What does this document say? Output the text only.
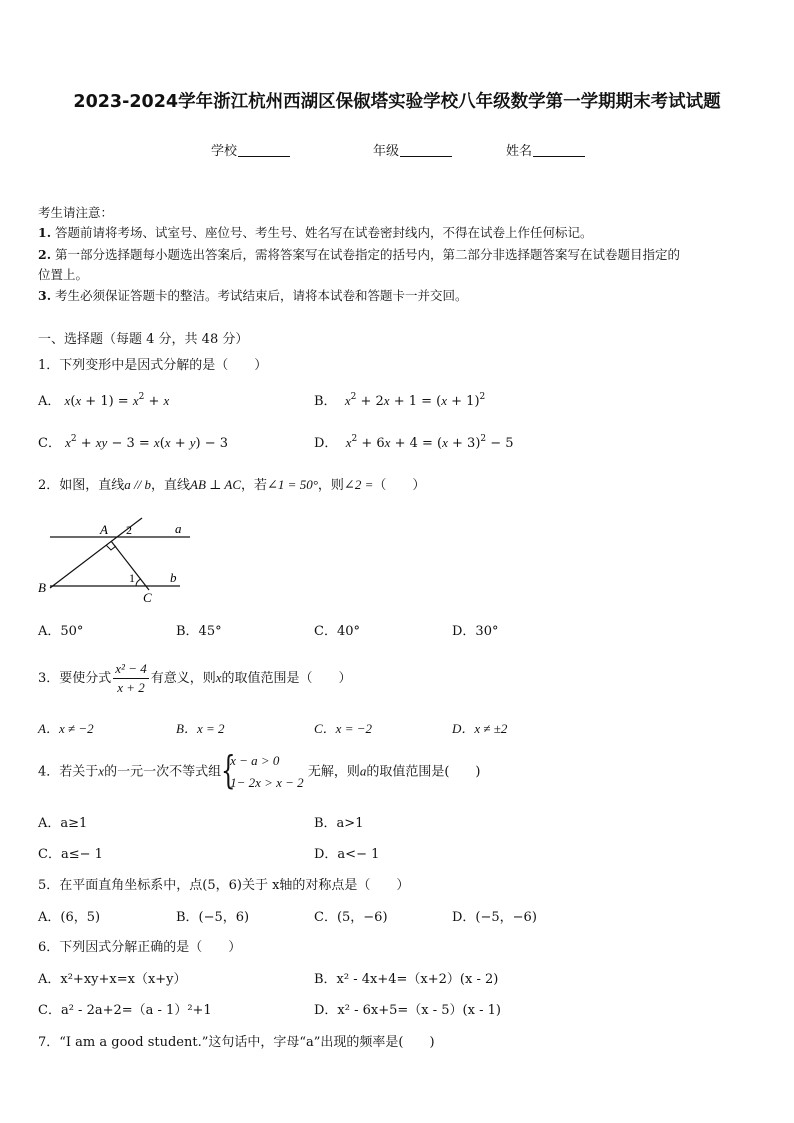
2023-2024学年浙江杭州西湖区保俶塔实验学校八年级数学第一学期期末考试试题
学校	年级	姓名
考生请注意：
1. 答题前请将考场、试室号、座位号、考生号、姓名写在试卷密封线内，不得在试卷上作任何标记。
2. 第一部分选择题每小题选出答案后，需将答案写在试卷指定的括号内，第二部分非选择题答案写在试卷题目指定的
位置上。
3. 考生必须保证答题卡的整洁。考试结束后，请将本试卷和答题卡一并交回。
一、选择题（每题 4 分，共 48 分）
1．下列变形中是因式分解的是（　　）
A． $x(x + 1) = x^2 + x$	B． $x^2 + 2x + 1 = (x + 1)^2$
C． $x^2$ + xy − 3 = x(x + y) − 3	D． $x^2 + 6x + 4 = (x + 3)^2 - 5$
2．如图，直线a // b，直线AB ⊥ AC，若∠1 = 50°，则∠2 =（　　）
A 2	a
B
1	b
C
A．50°	B．45°	C．40°	D．30°
3．要使分式 $\frac{\text{x² − 4}}{x + 2}$ 有意义，则x的取值范围是（　　）
A．x ≠ −2	B．x = 2	C．x = −2	D．x ≠ ±2
4．若关于x的一元一次不等式组 {
x − a > 0
1− 2x > x − 2
无解，则a的取值范围是(　　)
A．a≥1	B．a>1
C．a≤− 1	D．a<− 1
5．在平面直角坐标系中，点(5，6)关于 x轴的对称点是（　　）
A．(6，5)	B．(−5，6)	C．(5，−6)	D．(−5，−6)
6．下列因式分解正确的是（　　）
A．x²+xy+x=x（x+y）	B．x² - 4x+4=（x+2）(x - 2)
C．a² - 2a+2=（a - 1）²+1	D．x² - 6x+5=（x - 5）(x - 1)
7．“I am a good student.”这句话中，字母“a”出现的频率是(　　)
